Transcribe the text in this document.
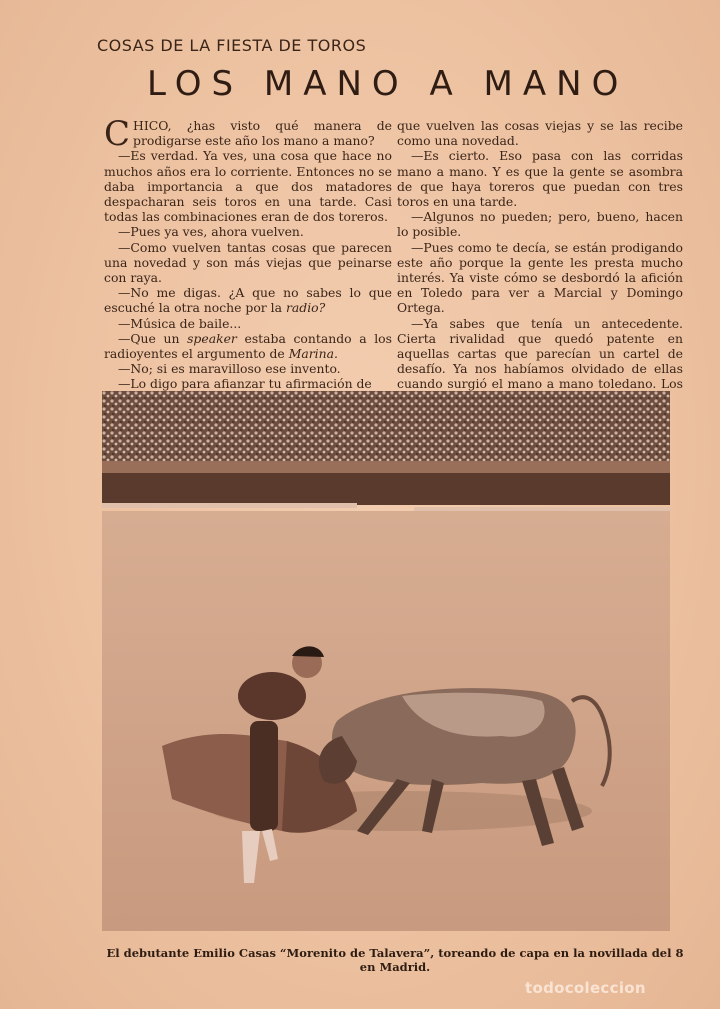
COSAS DE LA FIESTA DE TOROS
LOS MANO A MANO

CHICO, ¿has visto qué manera de prodigarse este año los mano a mano?

—Es verdad. Ya ves, una cosa que hace no muchos años era lo corriente. Entonces no se daba importancia a que dos matadores despacharan seis toros en una tarde. Casi todas las combinaciones eran de dos toreros.

—Pues ya ves, ahora vuelven.

—Como vuelven tantas cosas que parecen una novedad y son más viejas que peinarse con raya.

—No me digas. ¿A que no sabes lo que escuché la otra noche por la radio?

—Música de baile...

—Que un speaker estaba contando a los radioyentes el argumento de Marina.

—No; si es maravilloso ese invento.

—Lo digo para afianzar tu afirmación de

que vuelven las cosas viejas y se las recibe como una novedad.

—Es cierto. Eso pasa con las corridas mano a mano. Y es que la gente se asombra de que haya toreros que puedan con tres toros en una tarde.

—Algunos no pueden; pero, bueno, hacen lo posible.

—Pues como te decía, se están prodigando este año porque la gente les presta mucho interés. Ya viste cómo se desbordó la afición en Toledo para ver a Marcial y Domingo Ortega.

—Ya sabes que tenía un antecedente. Cierta rivalidad que quedó patente en aquellas cartas que parecían un cartel de desafío. Ya nos habíamos olvidado de ellas cuando surgió el mano a mano toledano. Los

El debutante Emilio Casas “Morenito de Talavera”, toreando de capa en la novillada del 8 en Madrid.
todocoleccion
